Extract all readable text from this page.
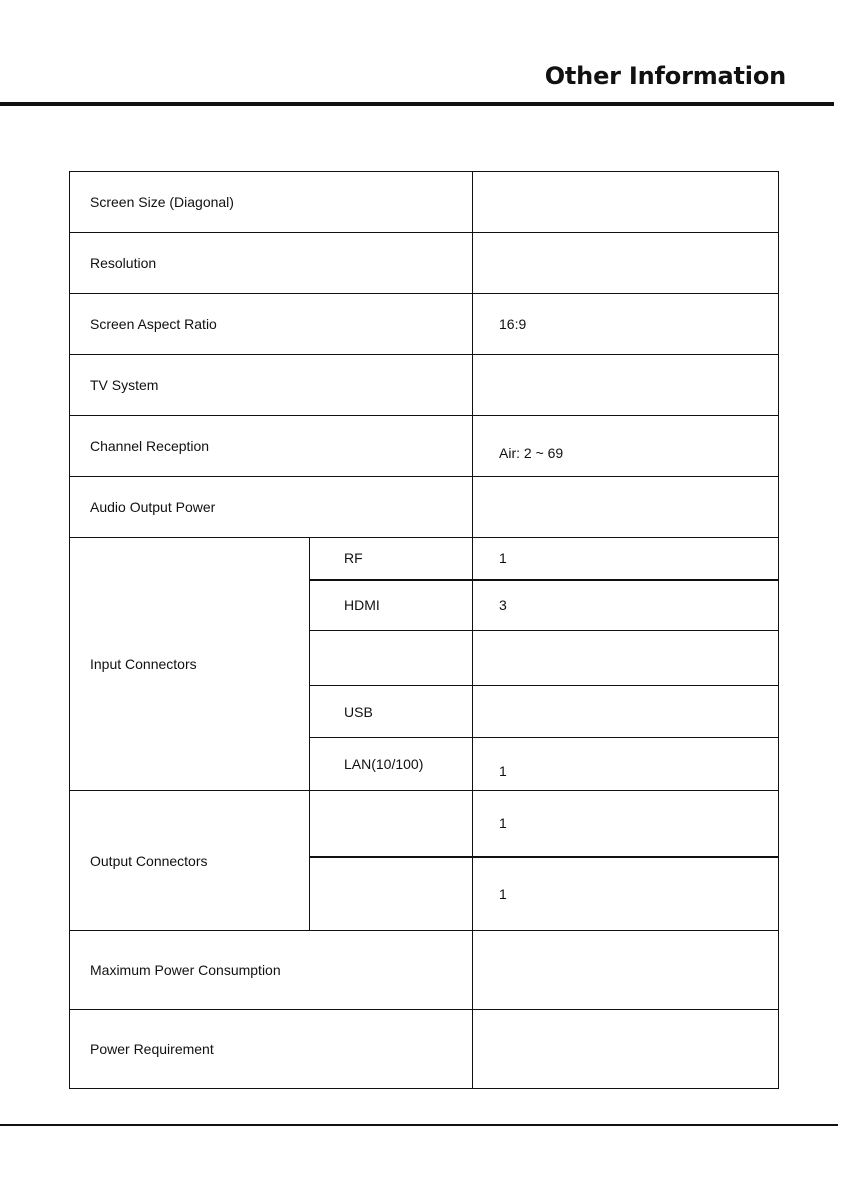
Other Information
Screen Size (Diagonal)		
Resolution		
Screen Aspect Ratio		16:9
TV System		
Channel Reception		Air: 2 ~ 69
Audio Output Power		
Input Connectors	RF	1
	HDMI	3

	USB	
	LAN(10/100)	1
Output Connectors		1
		1
Maximum Power Consumption		
Power Requirement		
